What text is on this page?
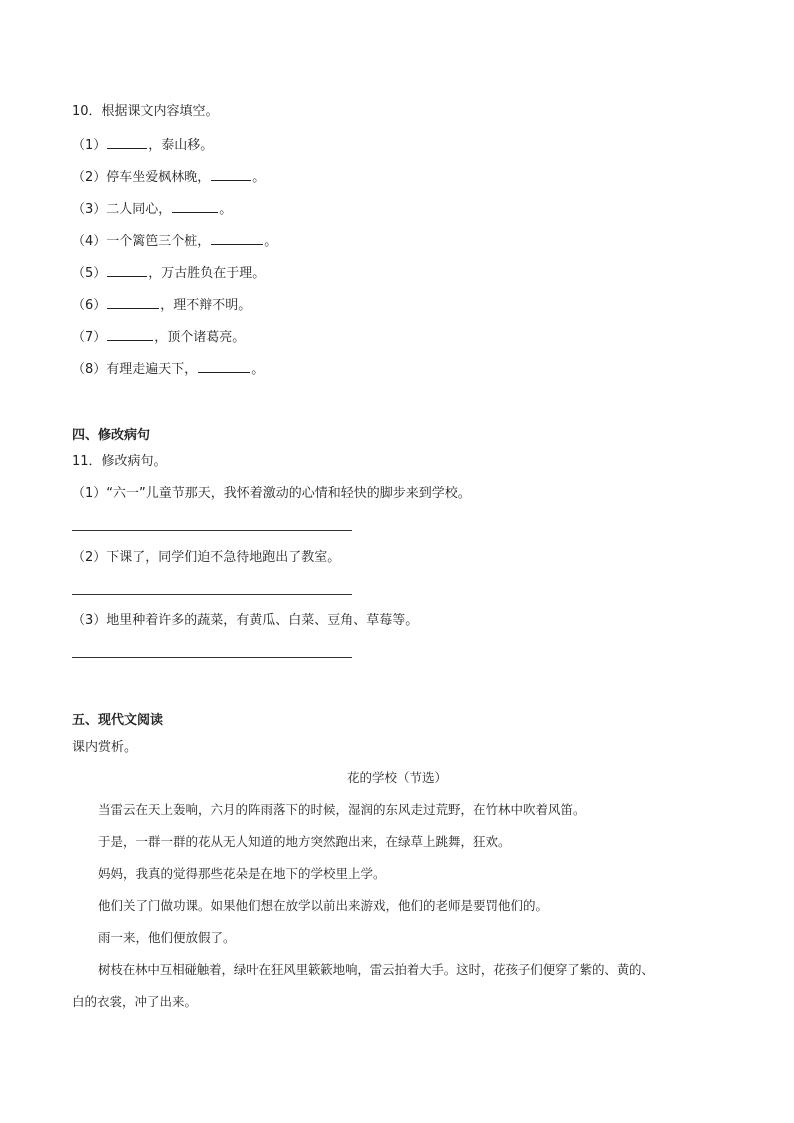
10．根据课文内容填空。
（1）	，泰山移。
（2）停车坐爱枫林晚，	。
（3）二人同心，	。
（4）一个篱笆三个桩，	。
（5）	，万古胜负在于理。
（6）	，理不辩不明。
（7）	，顶个诸葛亮。
（8）有理走遍天下，	。
四、修改病句
11．修改病句。
（1）“六一”儿童节那天，我怀着激动的心情和轻快的脚步来到学校。
（2）下课了，同学们迫不急待地跑出了教室。
（3）地里种着许多的蔬菜，有黄瓜、白菜、豆角、草莓等。
五、现代文阅读
课内赏析。
花的学校（节选）
当雷云在天上轰响，六月的阵雨落下的时候，湿润的东风走过荒野，在竹林中吹着风笛。
于是，一群一群的花从无人知道的地方突然跑出来，在绿草上跳舞，狂欢。
妈妈，我真的觉得那些花朵是在地下的学校里上学。
他们关了门做功课。如果他们想在放学以前出来游戏，他们的老师是要罚他们的。
雨一来，他们便放假了。
树枝在林中互相碰触着，绿叶在狂风里簌簌地响，雷云拍着大手。这时，花孩子们便穿了紫的、黄的、
白的衣裳，冲了出来。
